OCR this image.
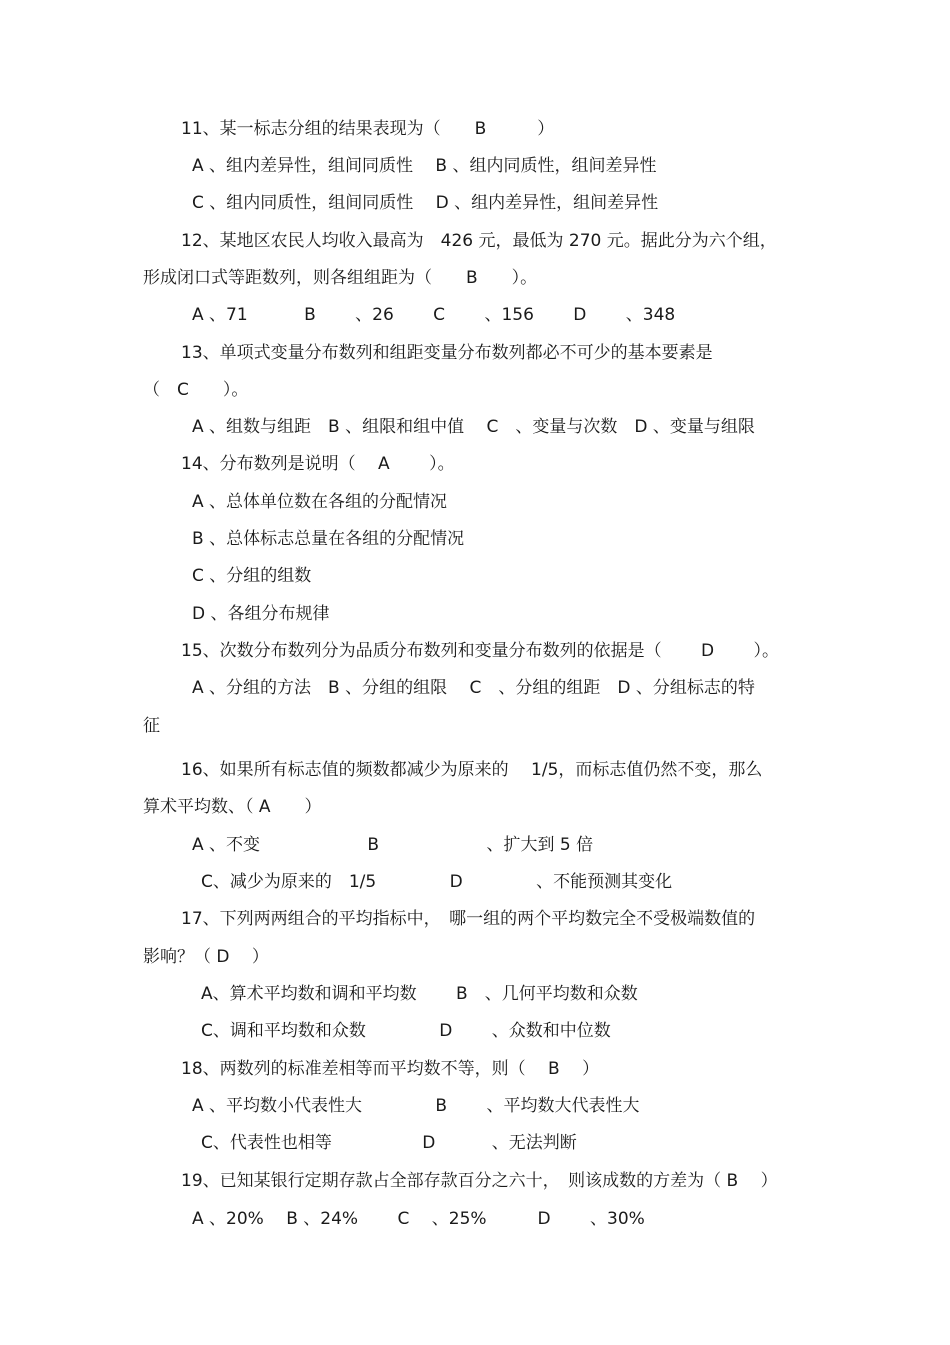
11、某一标志分组的结果表现为（　　B　　　）
A 、组内差异性，组间同质性　 B 、组内同质性，组间差异性
C 、组内同质性，组间同质性　 D 、组内差异性，组间差异性
12、某地区农民人均收入最高为　426 元，最低为 270 元。据此分为六个组，
形成闭口式等距数列，则各组组距为（　　B　　）。
A 、71　　　 B　　 、26　　 C　　 、156　　 D　　 、348
13、单项式变量分布数列和组距变量分布数列都必不可少的基本要素是
（　C　　）。
A 、组数与组距　B 、组限和组中值　 C　、变量与次数　D 、变量与组限
14、分布数列是说明（　 A　　 ）。
A 、总体单位数在各组的分配情况
B 、总体标志总量在各组的分配情况
C 、分组的组数
D 、各组分布规律
15、次数分布数列分为品质分布数列和变量分布数列的依据是（　　 D　　 ）。
A 、分组的方法　B 、分组的组限　 C　、分组的组距　D 、分组标志的特
征
16、如果所有标志值的频数都减少为原来的　 1/5，而标志值仍然不变，那么
算术平均数、（ A　　）
A 、不变　　　　　　 B　　　　　　 、扩大到 5 倍
C、减少为原来的　1/5　　　　 D　　　　 、不能预测其变化
17、下列两两组合的平均指标中，　哪一组的两个平均数完全不受极端数值的
影响？（ D　 ）
A、算术平均数和调和平均数　　 B　、几何平均数和众数
C、调和平均数和众数　　　　 D　　 、众数和中位数
18、两数列的标准差相等而平均数不等，则（　 B　 ）
A 、平均数小代表性大　　　　 B　　 、平均数大代表性大
C、代表性也相等　　　　　 D　　　 、无法判断
19、已知某银行定期存款占全部存款百分之六十，　则该成数的方差为（ B　 ）
A 、20%　 B 、24%　　 C　 、25%　　　D　　 、30%
